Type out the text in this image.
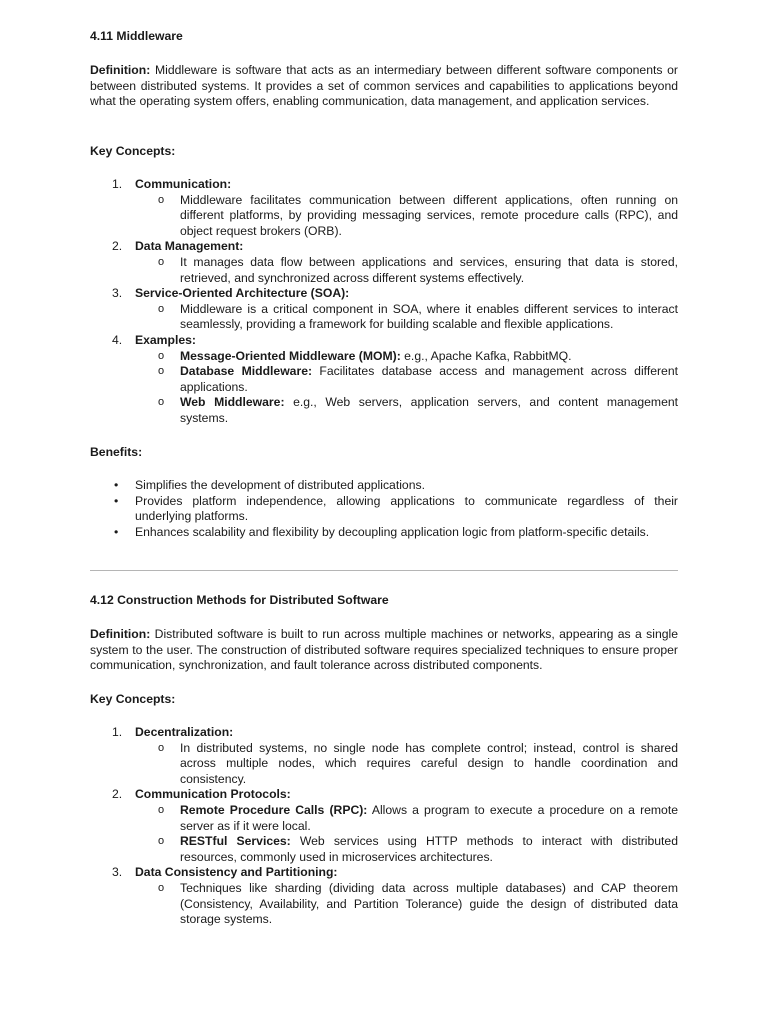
4.11 Middleware

Definition: Middleware is software that acts as an intermediary between different software components or between distributed systems. It provides a set of common services and capabilities to applications beyond what the operating system offers, enabling communication, data management, and application services.

Key Concepts:

1. Communication:
o Middleware facilitates communication between different applications, often running on different platforms, by providing messaging services, remote procedure calls (RPC), and object request brokers (ORB).
2. Data Management:
o It manages data flow between applications and services, ensuring that data is stored, retrieved, and synchronized across different systems effectively.
3. Service-Oriented Architecture (SOA):
o Middleware is a critical component in SOA, where it enables different services to interact seamlessly, providing a framework for building scalable and flexible applications.
4. Examples:
o Message-Oriented Middleware (MOM): e.g., Apache Kafka, RabbitMQ.
o Database Middleware: Facilitates database access and management across different applications.
o Web Middleware: e.g., Web servers, application servers, and content management systems.

Benefits:

• Simplifies the development of distributed applications.
• Provides platform independence, allowing applications to communicate regardless of their underlying platforms.
• Enhances scalability and flexibility by decoupling application logic from platform-specific details.

4.12 Construction Methods for Distributed Software

Definition: Distributed software is built to run across multiple machines or networks, appearing as a single system to the user. The construction of distributed software requires specialized techniques to ensure proper communication, synchronization, and fault tolerance across distributed components.

Key Concepts:

1. Decentralization:
o In distributed systems, no single node has complete control; instead, control is shared across multiple nodes, which requires careful design to handle coordination and consistency.
2. Communication Protocols:
o Remote Procedure Calls (RPC): Allows a program to execute a procedure on a remote server as if it were local.
o RESTful Services: Web services using HTTP methods to interact with distributed resources, commonly used in microservices architectures.
3. Data Consistency and Partitioning:
o Techniques like sharding (dividing data across multiple databases) and CAP theorem (Consistency, Availability, and Partition Tolerance) guide the design of distributed data storage systems.
